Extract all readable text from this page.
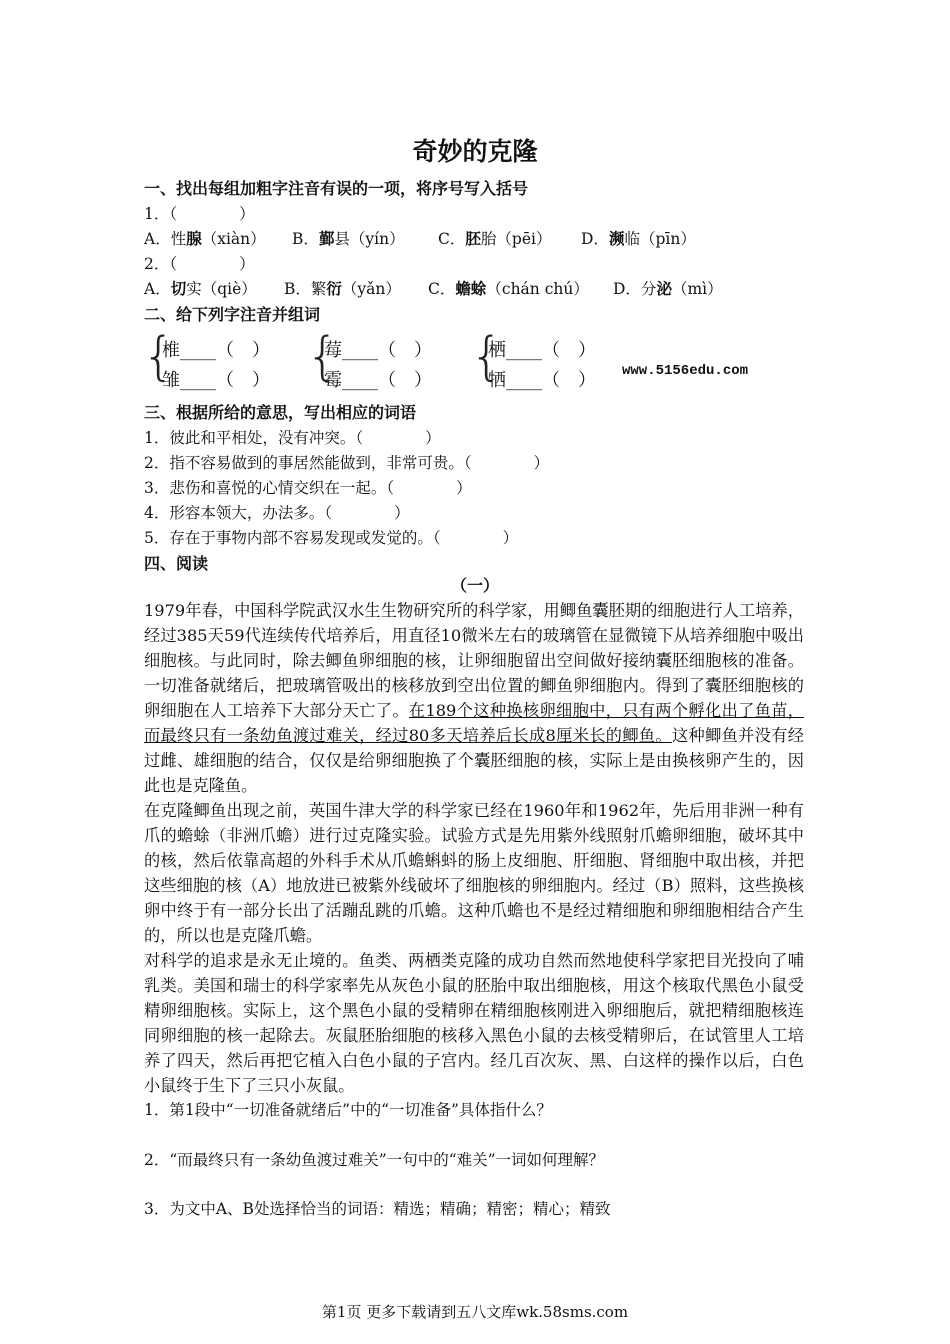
奇妙的克隆
一、找出每组加粗字注音有误的一项，将序号写入括号
1．（　　　　）
A．性腺（xiàn） B．鄞县（yín） C．胚胎（pēi） D．濒临（pīn）
2．（　　　　）
A．切实（qiè） B．繁衍（yǎn） C．蟾蜍（chán chú） D．分泌（mì）
二、给下列字注音并组词
{
椎____（　）
雏____（　） {
莓____（　）
霉____（　） {
栖____（　）
牺____（　） www.5156edu.com
三、根据所给的意思，写出相应的词语
1．彼此和平相处，没有冲突。（　　　　）
2．指不容易做到的事居然能做到，非常可贵。（　　　　）
3．悲伤和喜悦的心情交织在一起。（　　　　）
4．形容本领大，办法多。（　　　　）
5．存在于事物内部不容易发现或发觉的。（　　　　）
四、阅读
（一）
1979年春，中国科学院武汉水生生物研究所的科学家，用鲫鱼囊胚期的细胞进行人工培养，经过385天59代连续传代培养后，用直径10微米左右的玻璃管在显微镜下从培养细胞中吸出细胞核。与此同时，除去鲫鱼卵细胞的核，让卵细胞留出空间做好接纳囊胚细胞核的准备。一切准备就绪后，把玻璃管吸出的核移放到空出位置的鲫鱼卵细胞内。得到了囊胚细胞核的卵细胞在人工培养下大部分天亡了。在189个这种换核卵细胞中，只有两个孵化出了鱼苗，而最终只有一条幼鱼渡过难关，经过80多天培养后长成8厘米长的鲫鱼。这种鲫鱼并没有经过雌、雄细胞的结合，仅仅是给卵细胞换了个囊胚细胞的核，实际上是由换核卵产生的，因此也是克隆鱼。
在克隆鲫鱼出现之前，英国牛津大学的科学家已经在1960年和1962年，先后用非洲一种有爪的蟾蜍（非洲爪蟾）进行过克隆实验。试验方式是先用紫外线照射爪蟾卵细胞，破坏其中的核，然后依靠高超的外科手术从爪蟾蝌蚪的肠上皮细胞、肝细胞、肾细胞中取出核，并把这些细胞的核（A）地放进已被紫外线破坏了细胞核的卵细胞内。经过（B）照料，这些换核卵中终于有一部分长出了活蹦乱跳的爪蟾。这种爪蟾也不是经过精细胞和卵细胞相结合产生的，所以也是克隆爪蟾。
对科学的追求是永无止境的。鱼类、两栖类克隆的成功自然而然地使科学家把目光投向了哺乳类。美国和瑞士的科学家率先从灰色小鼠的胚胎中取出细胞核，用这个核取代黑色小鼠受精卵细胞核。实际上，这个黑色小鼠的受精卵在精细胞核刚进入卵细胞后，就把精细胞核连同卵细胞的核一起除去。灰鼠胚胎细胞的核移入黑色小鼠的去核受精卵后，在试管里人工培养了四天，然后再把它植入白色小鼠的子宫内。经几百次灰、黑、白这样的操作以后，白色小鼠终于生下了三只小灰鼠。
1．第1段中“一切准备就绪后”中的“一切准备”具体指什么？
2．“而最终只有一条幼鱼渡过难关”一句中的“难关”一词如何理解？
3．为文中A、B处选择恰当的词语：精选；精确；精密；精心；精致
第1页 更多下载请到五八文库wk.58sms.com
